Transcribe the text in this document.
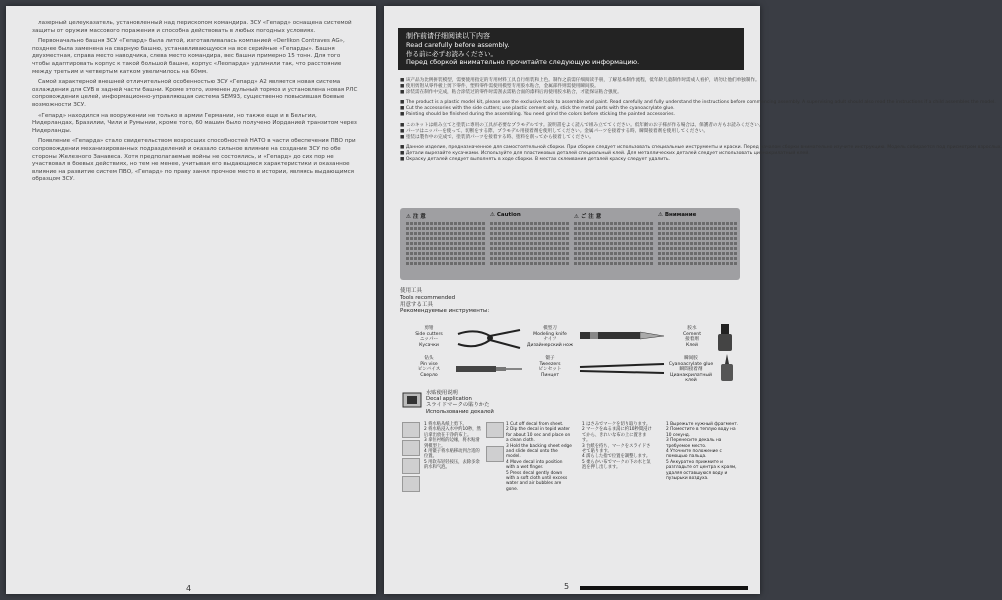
лазерный целеуказатель, установленный над перископом командира. ЗСУ «Гепард» оснащена системой защиты от оружия массового поражения и способна действовать в любых погодных условиях.

Первоначально башня ЗСУ «Гепард» была литой, изготавливалась компанией «Oerlikon Contraves AG», позднее была заменена на сварную башню, устанавливающуюся на все серийные «Гепарды». Башня двухместная, справа место наводчика, слева место командира, вес башни примерно 15 тонн. Для того чтобы адаптировать корпус к такой большой башне, корпус «Леопарда» удлинили так, что расстояние между третьим и четвертым катком увеличилось на 60мм.

Самой характерной внешней отличительной особенностью ЗСУ «Гепард» A2 является новая система охлаждения для СУВ в задней части башни. Кроме этого, изменен дульный тормоз и установлена новая РЛС сопровождения целей, информационно-управляющая система SEM93, существенно повысившая боевые возможности ЗСУ.

«Гепард» находился на вооружении не только в армии Германии, но также еще и в Бельгии, Нидерландах, Бразилии, Чили и Румынии, кроме того, 60 машин было получено Иорданией транзитом через Нидерланды.

Появление «Гепарда» стало свидетельством возросших способностей НАТО в части обеспечения ПВО при сопровождении механизированных подразделений и оказало сильное влияние на создание ЗСУ по обе стороны Железного Занавеса. Хотя предполагаемые войны не состоялись, и «Гепард» до сих пор не участвовал в боевых действиях, но тем не менее, учитывая его выдающиеся характеристики и оказанное влияние на развитие систем ПВО, «Гепард» по праву занял прочное место в истории, являясь выдающимся образцом ЗСУ.

4
制作前请仔细阅读以下内容
Read carefully before assembly.
作る前に必ずお読みください。
Перед сборкой внимательно прочитайте следующую информацию.
■ 该产品为比例拼装模型，需要使用指定的专用材料工具自行组装和上色。制作之前需仔细阅读手册，了解基本制作流程，低年龄儿童制作时需成人看护，请勿让他们单独制作。
■ 使用剪钳从零件板上剪下零件，塑料零件需使用模型专用胶水粘合，金属部件则需使用瞬间胶。
■ 涂装需在制作中完成，粘合涂装过的零件时需刮去需粘合面的漆料后再使用胶水粘合，才能保证粘合强度。
■ The product is a plastic model kit, please use the exclusive tools to assemble and paint. Read carefully and fully understand the instructions before commencing assembly. A supervising adult should also read the instructions if a child assembles the model.
■ Cut the accessories with the side cutters; use plastic cement only, stick the metal parts with the cyanoacrylate glue.
■ Painting should be finished during the assembling. You need grind the colors before sticking the painted accessories.
■ このキットは組み立てと塗装に専用の工具が必要なプラモデルです。説明書をよく読んで組み立ててください。低年齢のお子様が作る場合は、保護者の方もお読みください。
■ パーツはニッパーを使って、切断をする際、プラモデル用接着剤を使用してください。金属パーツを接着する時、瞬間接着剤を使用してください。
■ 塗装は製作中の完成で、塗装済パーツを接着する時、塗料を削ってから接着してください。
■ Данное изделие, предназначенное для самостоятельной сборки. При сборке следует использовать специальные инструменты и краски. Перед началом сборки внимательно изучите инструкцию. Модель собирается под присмотром взрослых.
■ Детали вырезайте кусачками. Используйте для пластиковых деталей специальный клей. Для металлических деталей следует использовать цианакрилатный клей.
■ Окраску деталей следует выполнять в ходе сборки. В местах склеивания деталей краску следует удалить.
⚠ 注 意	⚠ Caution	⚠ ご 注 意	⚠ Внимание
使用工具
Tools recommended
用意する工具
Рекомендуемые инструменты:
剪钳
Side cutters
ニッパー
Кусачки
模型刀
Modeling knife
ナイフ
Дизайнерский нож
胶水
Cement
接着剤
Клей
钻头
Pin vise
ピンバイス
Сверло
镊子
Tweezers
ピンセット
Пинцет
瞬间胶
Cyanoacrylate glue
瞬間接着剤
Цианакрилатный клей
水贴使用说明
Decal application
スライドマークの貼りかた
Использование декалей
1 将水贴从纸上剪下。
2 将水贴浸入水中约10秒，然后拿出放在干净的布上。
3 拿住衬纸的边缘，将水贴滑到模型上。
4 用镊子将水贴移动到合适的位置。
5 用软布轻轻按压，去除多余的水和气泡。
1 Cut off decal from sheet.
2 Dip the decal in tepid water for about 10 sec and place on a clean cloth.
3 Hold the backing sheet edge and slide decal onto the model.
4 Move decal into position with a wet finger.
5 Press decal gently down with a soft cloth until excess water and air bubbles are gone.
1 はさみでマークを切り取ります。
2 マークをぬるま湯に約10秒間浸けてから、きれいな布の上に置きます。
3 台紙を持ち、マークをスライドさせて貼ります。
4 濡らした指で位置を調整します。
5 柔らかい布でマークの下の水と気泡を押し出します。
1 Вырежьте нужный фрагмент.
2 Поместите в теплую воду на 10 секунд.
3 Перенесите декаль на требуемое место.
4 Уточните положение с помощью пальца.
5 Аккуратно прижмите и разгладьте от центра к краям, удаляя оставшуюся воду и пузырьки воздуха.
5
